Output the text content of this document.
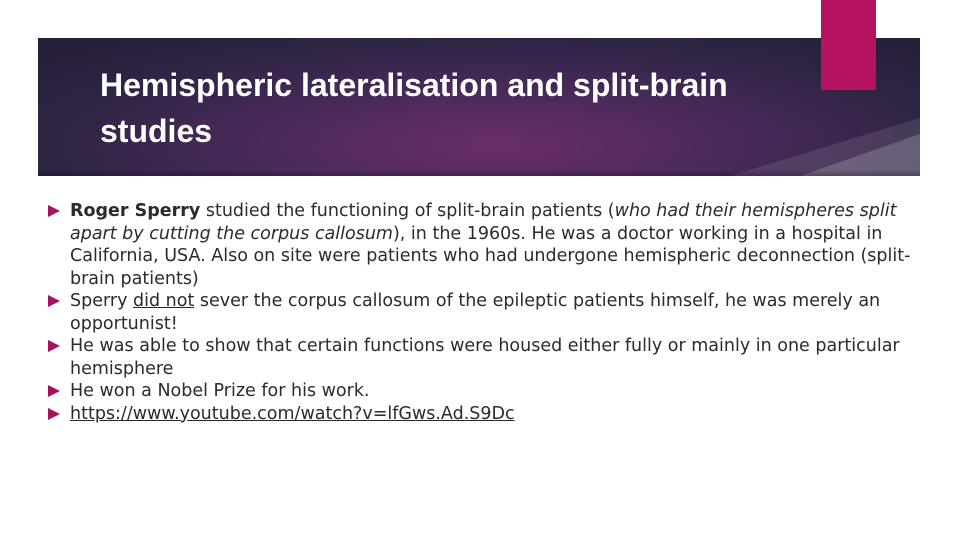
Hemispheric lateralisation and split-brain studies
Roger Sperry studied the functioning of split-brain patients (who had their hemispheres split apart by cutting the corpus callosum), in the 1960s. He was a doctor working in a hospital in California, USA. Also on site were patients who had undergone hemispheric deconnection (split-brain patients)
Sperry did not sever the corpus callosum of the epileptic patients himself, he was merely an opportunist!
He was able to show that certain functions were housed either fully or mainly in one particular hemisphere
He won a Nobel Prize for his work.
https://www.youtube.com/watch?v=lfGws.Ad.S9Dc
